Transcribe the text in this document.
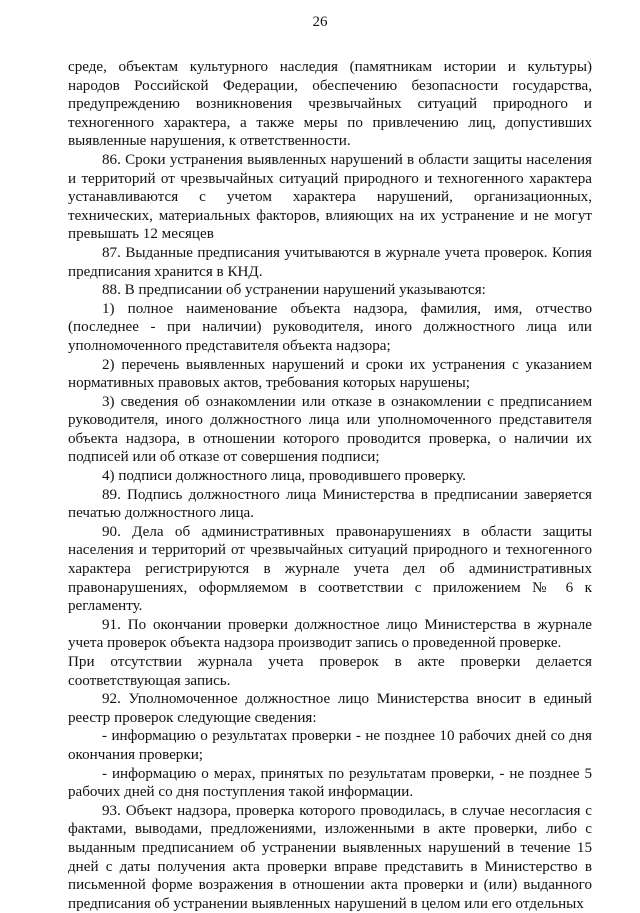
26

среде, объектам культурного наследия (памятникам истории и культуры) народов Российской Федерации, обеспечению безопасности государства, предупреждению возникновения чрезвычайных ситуаций природного и техногенного характера, а также меры по привлечению лиц, допустивших выявленные нарушения, к ответственности.

86. Сроки устранения выявленных нарушений в области защиты населения и территорий от чрезвычайных ситуаций природного и техногенного характера устанавливаются с учетом характера нарушений, организационных, технических, материальных факторов, влияющих на их устранение и не могут превышать 12 месяцев

87. Выданные предписания учитываются в журнале учета проверок. Копия предписания хранится в КНД.

88. В предписании об устранении нарушений указываются:

1) полное наименование объекта надзора, фамилия, имя, отчество (последнее - при наличии) руководителя, иного должностного лица или уполномоченного представителя объекта надзора;

2) перечень выявленных нарушений и сроки их устранения с указанием нормативных правовых актов, требования которых нарушены;

3) сведения об ознакомлении или отказе в ознакомлении с предписанием руководителя, иного должностного лица или уполномоченного представителя объекта надзора, в отношении которого проводится проверка, о наличии их подписей или об отказе от совершения подписи;

4) подписи должностного лица, проводившего проверку.

89. Подпись должностного лица Министерства в предписании заверяется печатью должностного лица.

90. Дела об административных правонарушениях в области защиты населения и территорий от чрезвычайных ситуаций природного и техногенного характера регистрируются в журнале учета дел об административных правонарушениях, оформляемом в соответствии с приложением № 6 к регламенту.

91. По окончании проверки должностное лицо Министерства в журнале учета проверок объекта надзора производит запись о проведенной проверке.

При отсутствии журнала учета проверок в акте проверки делается соответствующая запись.

92. Уполномоченное должностное лицо Министерства вносит в единый реестр проверок следующие сведения:

- информацию о результатах проверки - не позднее 10 рабочих дней со дня окончания проверки;

- информацию о мерах, принятых по результатам проверки, - не позднее 5 рабочих дней со дня поступления такой информации.

93. Объект надзора, проверка которого проводилась, в случае несогласия с фактами, выводами, предложениями, изложенными в акте проверки, либо с выданным предписанием об устранении выявленных нарушений в течение 15 дней с даты получения акта проверки вправе представить в Министерство в письменной форме возражения в отношении акта проверки и (или) выданного предписания об устранении выявленных нарушений в целом или его отдельных
